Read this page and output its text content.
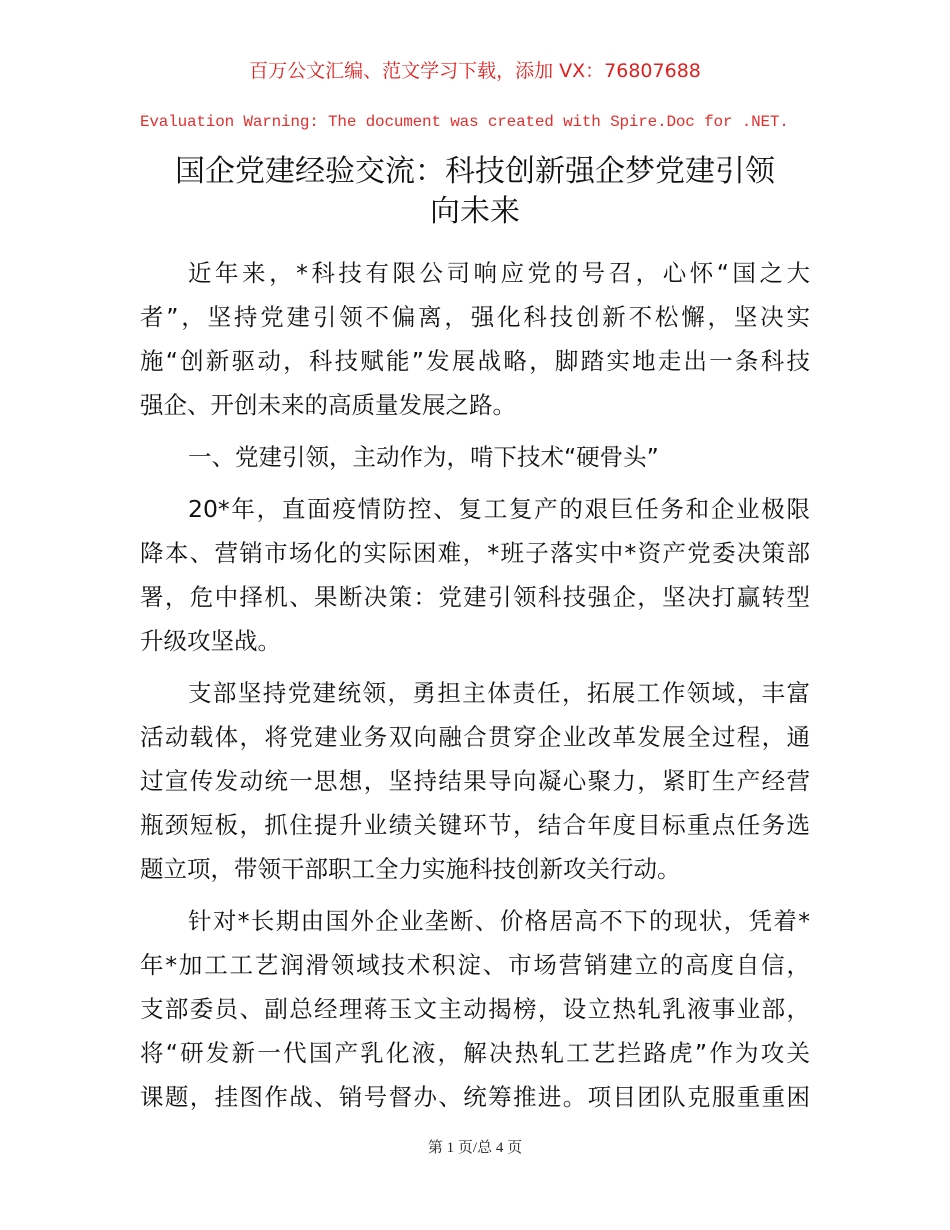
百万公文汇编、范文学习下载，添加 VX：76807688
Evaluation Warning: The document was created with Spire.Doc for .NET.
国企党建经验交流：科技创新强企梦党建引领
向未来
近年来，*科技有限公司响应党的号召，心怀“国之大
者”，坚持党建引领不偏离，强化科技创新不松懈，坚决实
施“创新驱动，科技赋能”发展战略，脚踏实地走出一条科技
强企、开创未来的高质量发展之路。
一、党建引领，主动作为，啃下技术“硬骨头”
20*年，直面疫情防控、复工复产的艰巨任务和企业极限
降本、营销市场化的实际困难，*班子落实中*资产党委决策部
署，危中择机、果断决策：党建引领科技强企，坚决打赢转型
升级攻坚战。
支部坚持党建统领，勇担主体责任，拓展工作领域，丰富
活动载体，将党建业务双向融合贯穿企业改革发展全过程，通
过宣传发动统一思想，坚持结果导向凝心聚力，紧盯生产经营
瓶颈短板，抓住提升业绩关键环节，结合年度目标重点任务选
题立项，带领干部职工全力实施科技创新攻关行动。
针对*长期由国外企业垄断、价格居高不下的现状，凭着*
年*加工工艺润滑领域技术积淀、市场营销建立的高度自信，
支部委员、副总经理蒋玉文主动揭榜，设立热轧乳液事业部，
将“研发新一代国产乳化液，解决热轧工艺拦路虎”作为攻关
课题，挂图作战、销号督办、统筹推进。项目团队克服重重困
第 1 页/总 4 页
